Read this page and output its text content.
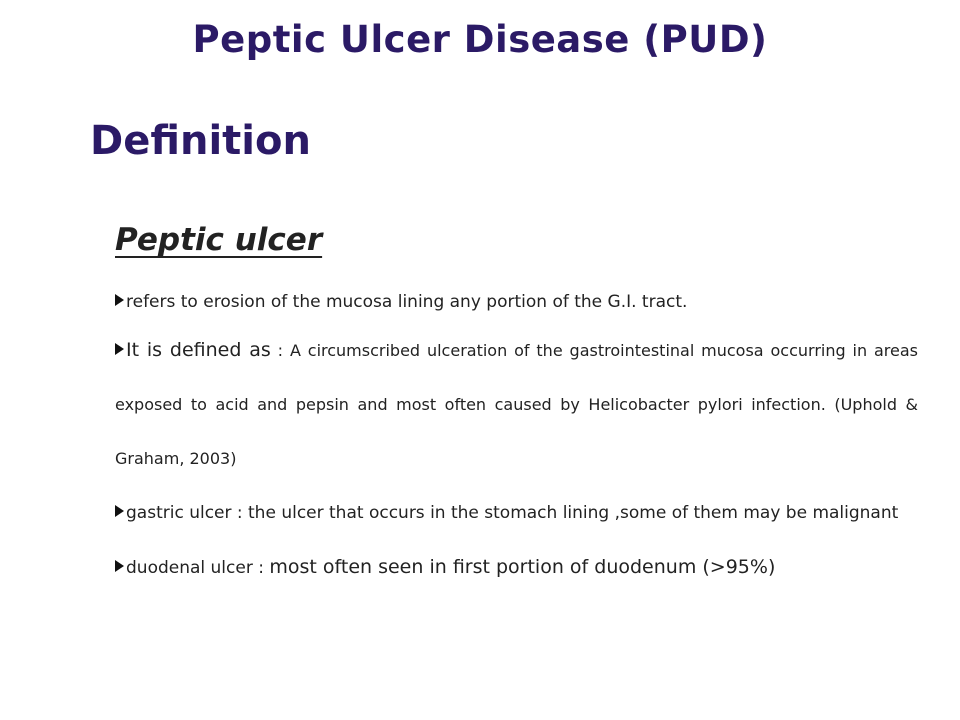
Peptic Ulcer Disease (PUD)
Definition
Peptic ulcer
refers to erosion of the mucosa lining any portion of the G.I. tract.
It is defined as : A circumscribed ulceration of the gastrointestinal mucosa occurring in areas exposed to acid and pepsin and most often caused by Helicobacter pylori infection. (Uphold & Graham, 2003)
gastric ulcer : the ulcer that occurs in the stomach lining ,some of them may be malignant
duodenal ulcer : most often seen in first portion of duodenum (>95%)
